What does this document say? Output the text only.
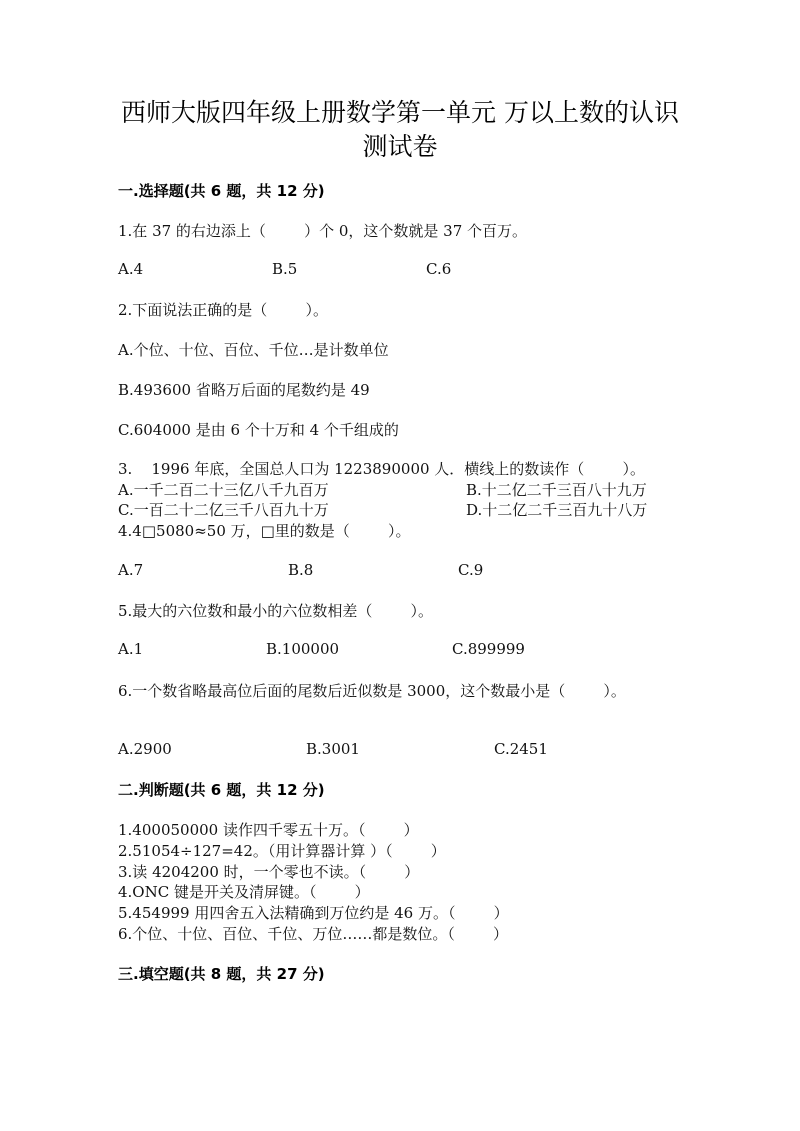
西师大版四年级上册数学第一单元 万以上数的认识
测试卷
一.选择题(共 6 题，共 12 分)
1.在 37 的右边添上（        ）个 0，这个数就是 37 个百万。
A.4	B.5	C.6
2.下面说法正确的是（        ）。
A.个位、十位、百位、千位…是计数单位
B.493600 省略万后面的尾数约是 49
C.604000 是由 6 个十万和 4 个千组成的
3.    1996 年底，全国总人口为 1223890000 人．横线上的数读作（        ）。
A.一千二百二十三亿八千九百万	B.十二亿二千三百八十九万
C.一百二十二亿三千八百九十万	D.十二亿二千三百九十八万
4.4□5080≈50 万，□里的数是（        ）。
A.7	B.8	C.9
5.最大的六位数和最小的六位数相差（        ）。
A.1	B.100000	C.899999
6.一个数省略最高位后面的尾数后近似数是 3000，这个数最小是（        ）。
A.2900	B.3001	C.2451
二.判断题(共 6 题，共 12 分)
1.400050000 读作四千零五十万。（        ）
2.51054÷127=42。（用计算器计算 ）（        ）
3.读 4204200 时，一个零也不读。（        ）
4.ONC 键是开关及清屏键。（        ）
5.454999 用四舍五入法精确到万位约是 46 万。（        ）
6.个位、十位、百位、千位、万位……都是数位。（        ）
三.填空题(共 8 题，共 27 分)
